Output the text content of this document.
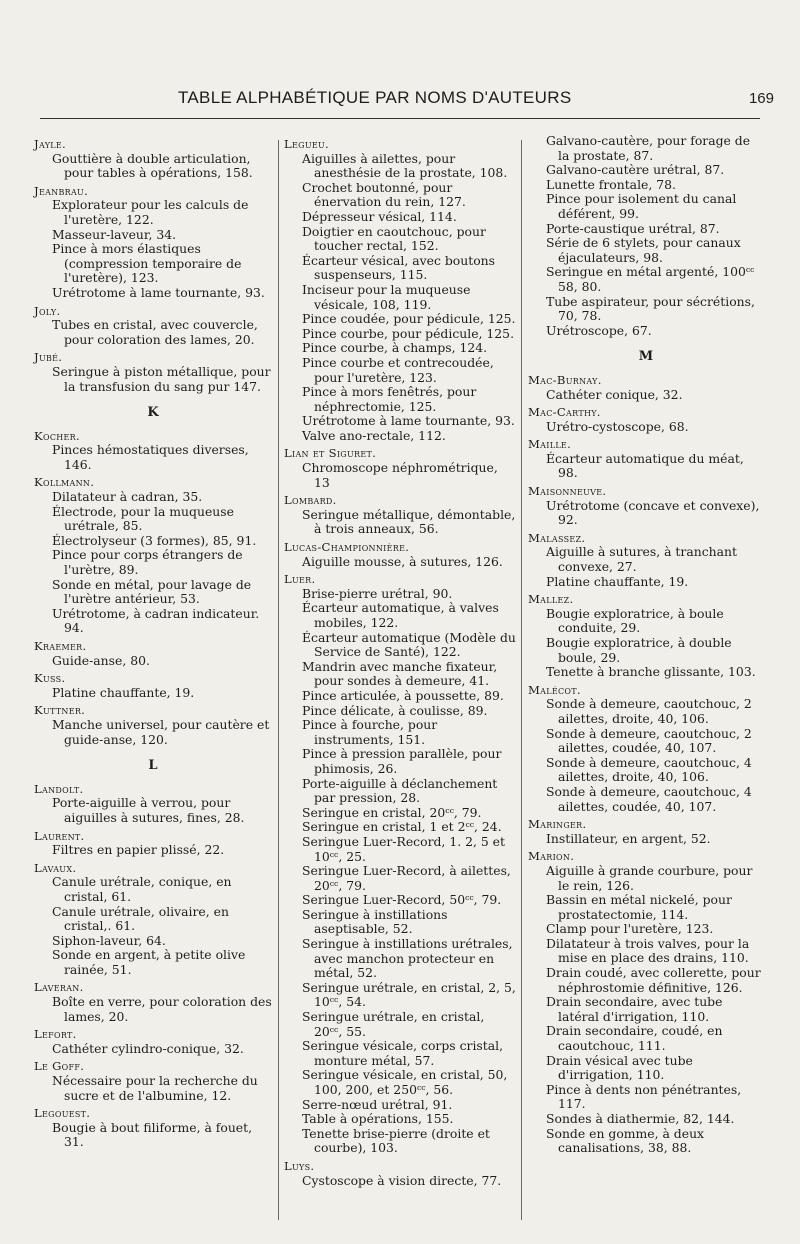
TABLE ALPHABÉTIQUE PAR NOMS D'AUTEURS	169
Jayle.
Gouttière à double articulation, pour tables à opérations, 158.
Jeanbrau.
Explorateur pour les calculs de l'uretère, 122.
Masseur-laveur, 34.
Pince à mors élastiques (compression temporaire de l'uretère), 123.
Urétrotome à lame tournante, 93.
Joly.
Tubes en cristal, avec couvercle, pour coloration des lames, 20.
Jubé.
Seringue à piston métallique, pour la transfusion du sang pur 147.
K
Kocher.
Pinces hémostatiques diverses, 146.
Kollmann.
Dilatateur à cadran, 35.
Électrode, pour la muqueuse urétrale, 85.
Électrolyseur (3 formes), 85, 91.
Pince pour corps étrangers de l'urètre, 89.
Sonde en métal, pour lavage de l'urètre antérieur, 53.
Urétrotome, à cadran indicateur. 94.
Kraemer.
Guide-anse, 80.
Kuss.
Platine chauffante, 19.
Kuttner.
Manche universel, pour cautère et guide-anse, 120.
L
Landolt.
Porte-aiguille à verrou, pour aiguilles à sutures, fines, 28.
Laurent.
Filtres en papier plissé, 22.
Lavaux.
Canule urétrale, conique, en cristal, 61.
Canule urétrale, olivaire, en cristal,. 61.
Siphon-laveur, 64.
Sonde en argent, à petite olive rainée, 51.
Laveran.
Boîte en verre, pour coloration des lames, 20.
Lefort.
Cathéter cylindro-conique, 32.
Le Goff.
Nécessaire pour la recherche du sucre et de l'albumine, 12.
Legouest.
Bougie à bout filiforme, à fouet, 31.
Legueu.
Aiguilles à ailettes, pour anesthésie de la prostate, 108.
Crochet boutonné, pour énervation du rein, 127.
Dépresseur vésical, 114.
Doigtier en caoutchouc, pour toucher rectal, 152.
Écarteur vésical, avec boutons suspenseurs, 115.
Inciseur pour la muqueuse vésicale, 108, 119.
Pince coudée, pour pédicule, 125.
Pince courbe, pour pédicule, 125.
Pince courbe, à champs, 124.
Pince courbe et contrecoudée, pour l'uretère, 123.
Pince à mors fenêtrés, pour néphrectomie, 125.
Urétrotome à lame tournante, 93.
Valve ano-rectale, 112.
Lian et Siguret.
Chromoscope néphrométrique, 13
Lombard.
Seringue métallique, démontable, à trois anneaux, 56.
Lucas-Championnière.
Aiguille mousse, à sutures, 126.
Luer.
Brise-pierre urétral, 90.
Écarteur automatique, à valves mobiles, 122.
Écarteur automatique (Modèle du Service de Santé), 122.
Mandrin avec manche fixateur, pour sondes à demeure, 41.
Pince articulée, à poussette, 89.
Pince délicate, à coulisse, 89.
Pince à fourche, pour instruments, 151.
Pince à pression parallèle, pour phimosis, 26.
Porte-aiguille à déclanchement par pression, 28.
Seringue en cristal, 20ᶜᶜ, 79.
Seringue en cristal, 1 et 2ᶜᶜ, 24.
Seringue Luer-Record, 1. 2, 5 et 10ᶜᶜ, 25.
Seringue Luer-Record, à ailettes, 20ᶜᶜ, 79.
Seringue Luer-Record, 50ᶜᶜ, 79.
Seringue à instillations aseptisable, 52.
Seringue à instillations urétrales, avec manchon protecteur en métal, 52.
Seringue urétrale, en cristal, 2, 5, 10ᶜᶜ, 54.
Seringue urétrale, en cristal, 20ᶜᶜ, 55.
Seringue vésicale, corps cristal, monture métal, 57.
Seringue vésicale, en cristal, 50, 100, 200, et 250ᶜᶜ, 56.
Serre-nœud urétral, 91.
Table à opérations, 155.
Tenette brise-pierre (droite et courbe), 103.
Luys.
Cystoscope à vision directe, 77.
Galvano-cautère, pour forage de la prostate, 87.
Galvano-cautère urétral, 87.
Lunette frontale, 78.
Pince pour isolement du canal déférent, 99.
Porte-caustique urétral, 87.
Série de 6 stylets, pour canaux éjaculateurs, 98.
Seringue en métal argenté, 100ᶜᶜ 58, 80.
Tube aspirateur, pour sécrétions, 70, 78.
Urétroscope, 67.
M
Mac-Burnay.
Cathéter conique, 32.
Mac-Carthy.
Urétro-cystoscope, 68.
Maille.
Écarteur automatique du méat, 98.
Maisonneuve.
Urétrotome (concave et convexe), 92.
Malassez.
Aiguille à sutures, à tranchant convexe, 27.
Platine chauffante, 19.
Mallez.
Bougie exploratrice, à boule conduite, 29.
Bougie exploratrice, à double boule, 29.
Tenette à branche glissante, 103.
Malécot.
Sonde à demeure, caoutchouc, 2 ailettes, droite, 40, 106.
Sonde à demeure, caoutchouc, 2 ailettes, coudée, 40, 107.
Sonde à demeure, caoutchouc, 4 ailettes, droite, 40, 106.
Sonde à demeure, caoutchouc, 4 ailettes, coudée, 40, 107.
Maringer.
Instillateur, en argent, 52.
Marion.
Aiguille à grande courbure, pour le rein, 126.
Bassin en métal nickelé, pour prostatectomie, 114.
Clamp pour l'uretère, 123.
Dilatateur à trois valves, pour la mise en place des drains, 110.
Drain coudé, avec collerette, pour néphrostomie définitive, 126.
Drain secondaire, avec tube latéral d'irrigation, 110.
Drain secondaire, coudé, en caoutchouc, 111.
Drain vésical avec tube d'irrigation, 110.
Pince à dents non pénétrantes, 117.
Sondes à diathermie, 82, 144.
Sonde en gomme, à deux canalisations, 38, 88.
